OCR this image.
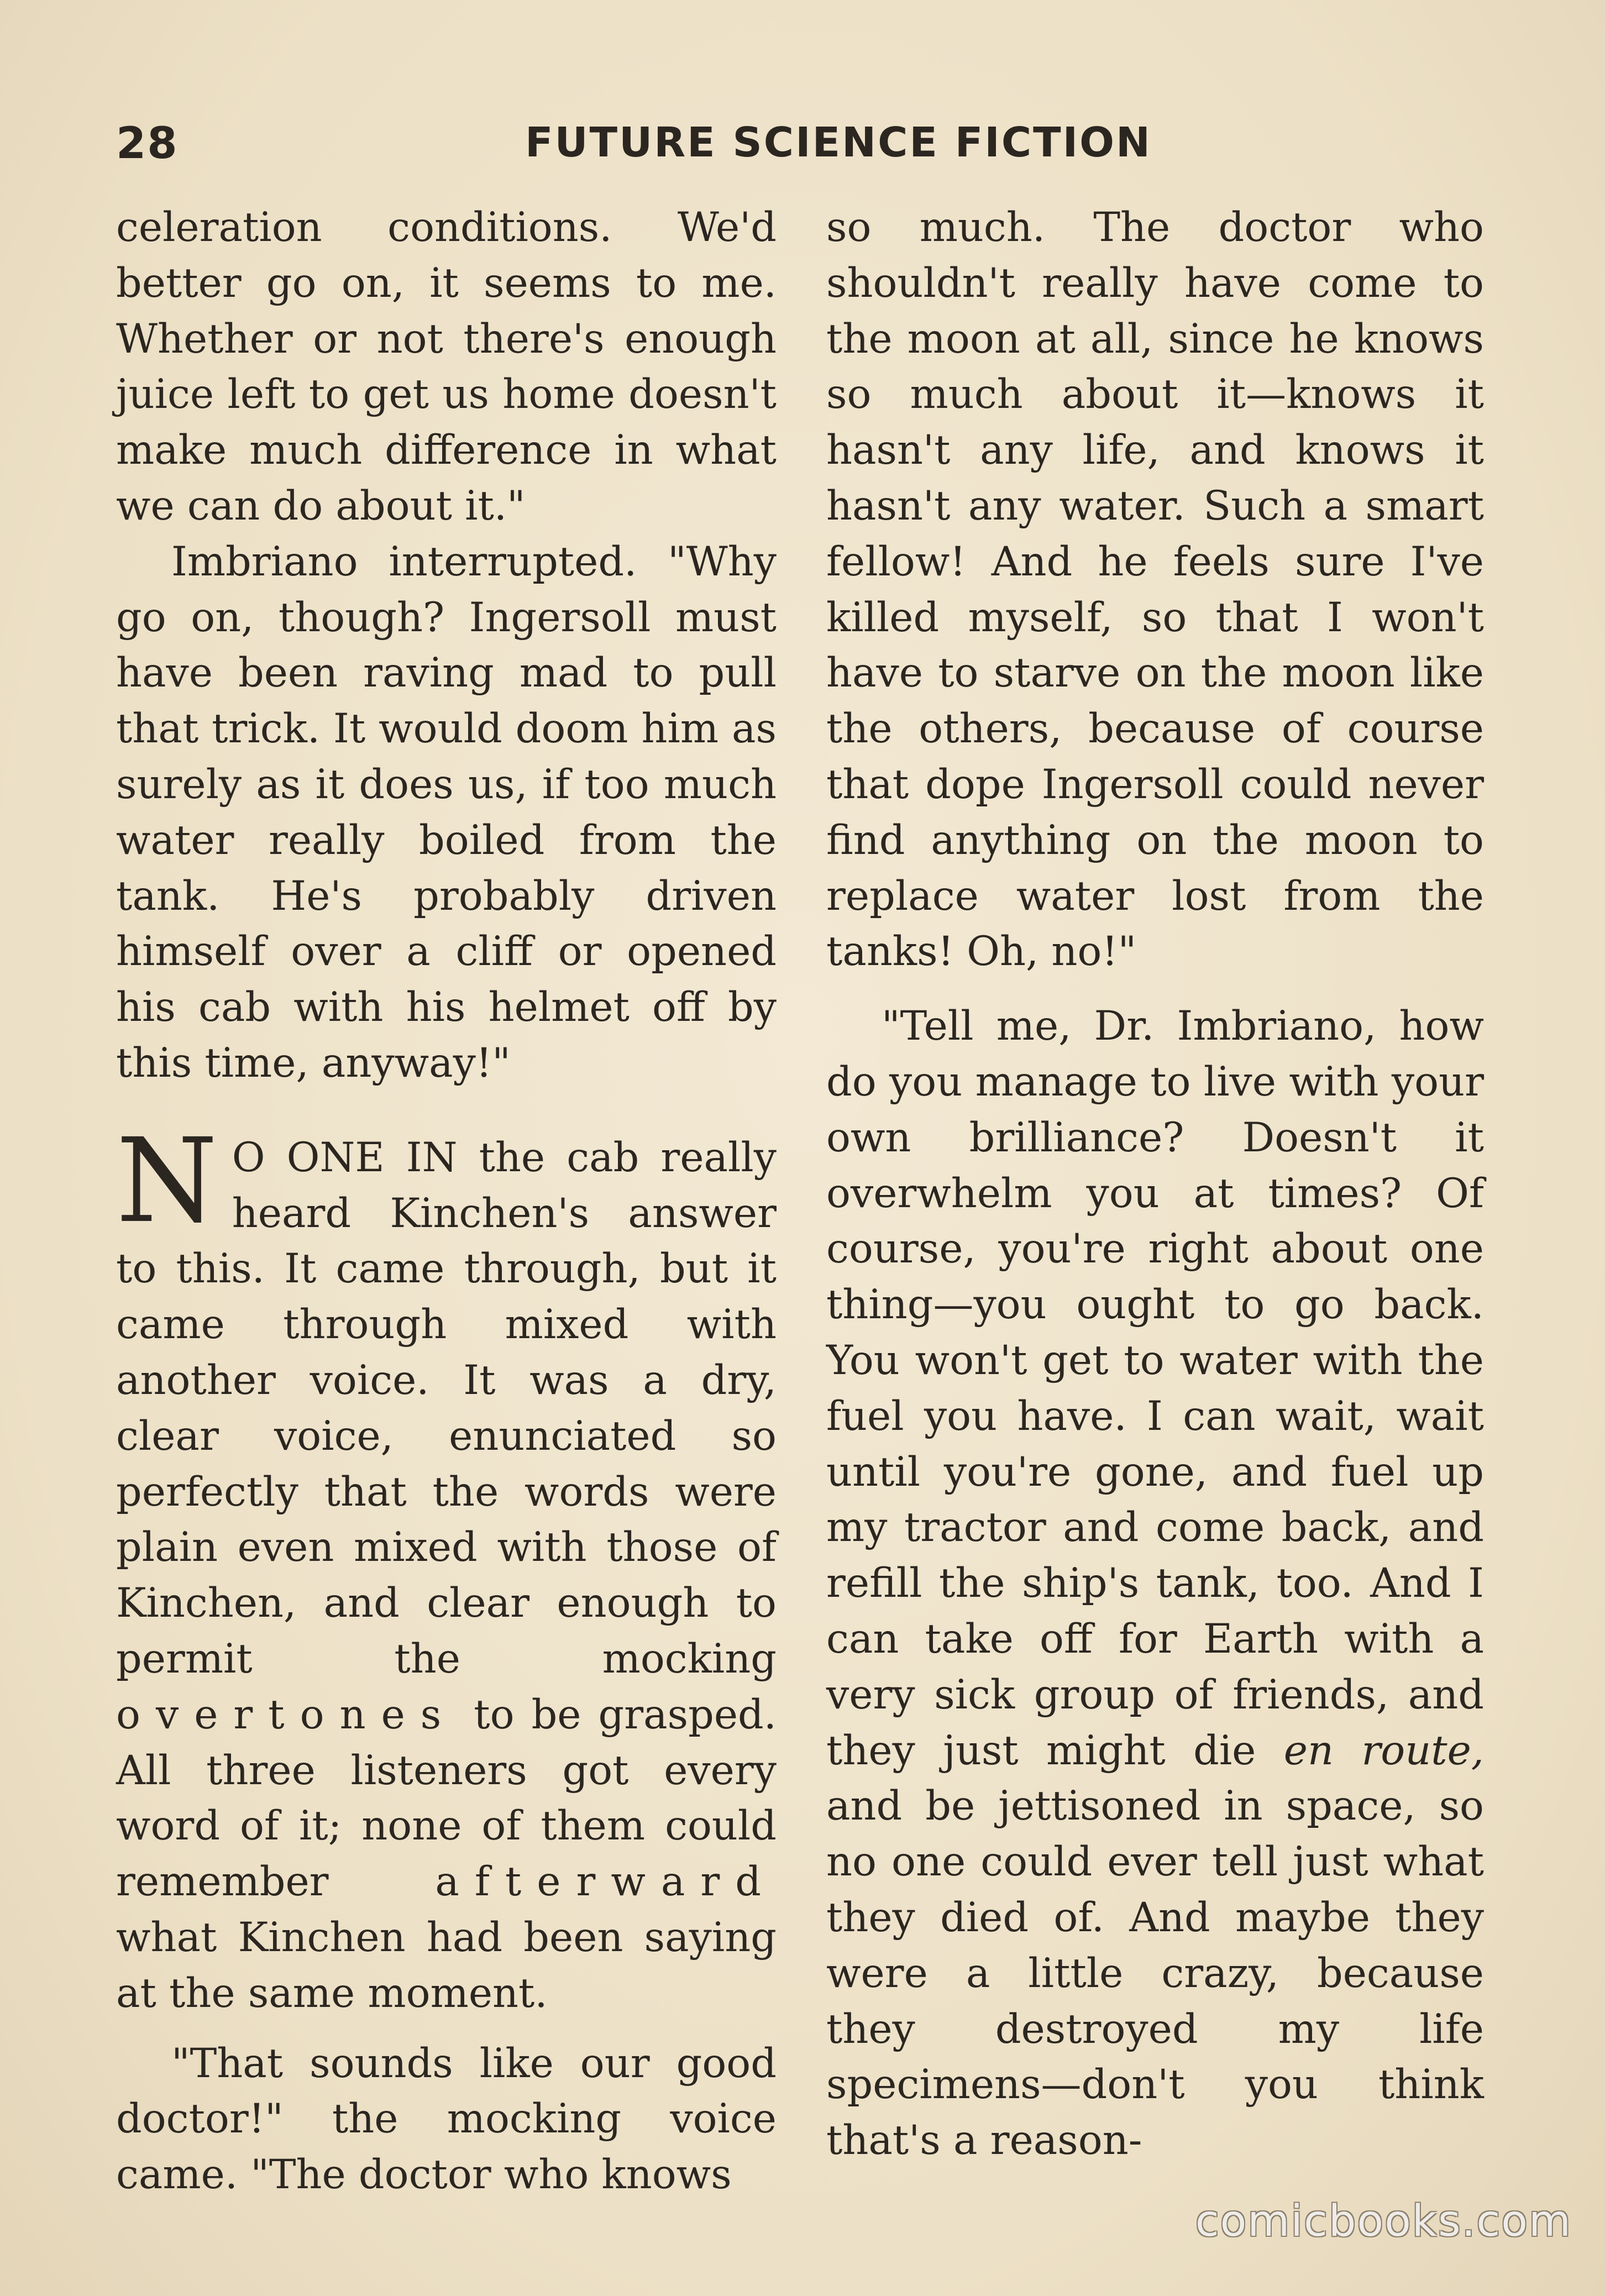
28	FUTURE SCIENCE FICTION

celeration conditions. We'd better go on, it seems to me. Whether or not there's enough juice left to get us home doesn't make much difference in what we can do about it."

Imbriano interrupted. "Why go on, though? Ingersoll must have been raving mad to pull that trick. It would doom him as surely as it does us, if too much water really boiled from the tank. He's probably driven himself over a cliff or opened his cab with his helmet off by this time, anyway!"

N O ONE IN the cab really heard Kinchen's answer to this. It came through, but it came through mixed with another voice. It was a dry, clear voice, enunciated so perfectly that the words were plain even mixed with those of Kinchen, and clear enough to permit the mocking overtones to be grasped. All three listeners got every word of it; none of them could remember	afterward what Kinchen had been saying at the same moment.

"That sounds like our good doctor!" the mocking voice came. "The doctor who knows

so much. The doctor who shouldn't really have come to the moon at all, since he knows so much about it—knows it hasn't any life, and knows it hasn't any water. Such a smart fellow! And he feels sure I've killed myself, so that I won't have to starve on the moon like the others, because of course that dope Ingersoll could never find anything on the moon to replace water lost from the tanks! Oh, no!"

"Tell me, Dr. Imbriano, how do you manage to live with your own brilliance? Doesn't it overwhelm you at times? Of course, you're right about one thing—you ought to go back. You won't get to water with the fuel you have. I can wait, wait until you're gone, and fuel up my tractor and come back, and refill the ship's tank, too. And I can take off for Earth with a very sick group of friends, and they just might die en route, and be jettisoned in space, so no one could ever tell just what they died of. And maybe they were a little crazy, because they destroyed my life specimens—don't you think that's a reason-

comicbooks.com
